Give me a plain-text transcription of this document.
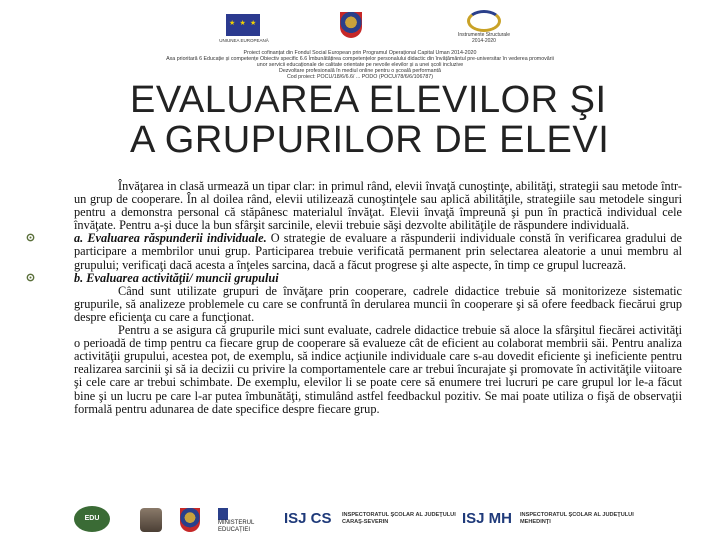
★ ★ ★
UNIUNEA EUROPEANĂ
Instrumente Structurale
2014-2020
Proiect cofinanțat din Fondul Social European prin Programul Operațional Capital Uman 2014-2020
Axa prioritară 6 Educație și competențe Obiectiv specific 6.6 Îmbunătățirea competențelor personalului didactic din învățământul pre-universitar în vederea promovării
unor servicii educaționale de calitate orientate pe nevoile elevilor și a unei școli incluzive
Dezvoltare profesională în mediul online pentru o școală performantă
Cod proiect: POCU/18/6/6.6/ ... PODO (POCU/78/6/6/106787)
EVALUAREA ELEVILOR ŞI
A GRUPURILOR DE ELEVI

Învăţarea in clasă urmează un tipar clar: in primul rând, elevii învaţă cunoştinţe, abilităţi, strategii sau metode într-un grup de cooperare. În al doilea rând, elevii utilizează cunoştinţele sau aplică abilităţile, strategiile sau metodele singuri pentru a demonstra personal că stăpânesc materialul învăţat. Elevii învaţă împreună şi pun în practică individual cele învăţate. Pentru a-şi duce la bun sfârşit sarcinile, elevii trebuie săşi dezvolte abilităţile de răspundere individuală.

a. Evaluarea răspunderii individuale. O strategie de evaluare a răspunderii individuale constă în verificarea gradului de participare a membrilor unui grup. Participarea trebuie verificată permanent prin selectarea aleatorie a unui membru al grupului; verificaţi dacă acesta a înţeles sarcina, dacă a făcut progrese şi alte aspecte, în timp ce grupul lucrează.

b. Evaluarea activităţii/ muncii grupului

Când sunt utilizate grupuri de învăţare prin cooperare, cadrele didactice trebuie să monitorizeze sistematic grupurile, să analizeze problemele cu care se confruntă în derularea muncii în cooperare şi să ofere feedback fiecărui grup despre eficienţa cu care a funcţionat.

Pentru a se asigura că grupurile mici sunt evaluate, cadrele didactice trebuie să aloce la sfârşitul fiecărei activităţi o perioadă de timp pentru ca fiecare grup de cooperare să evalueze cât de eficient au colaborat membrii săi. Pentru analiza activităţii grupului, acestea pot, de exemplu, să indice acţiunile individuale care s-au dovedit eficiente şi ineficiente pentru realizarea sarcinii şi să ia decizii cu privire la comportamentele care ar trebui încurajate şi promovate în activităţile viitoare şi cele care ar trebui schimbate. De exemplu, elevilor li se poate cere să enumere trei lucruri pe care grupul lor le-a făcut bine şi un lucru pe care l-ar putea îmbunătăţi, stimulând astfel feedbackul pozitiv. Se mai poate utiliza o fişă de observaţii formală pentru adunarea de date specifice despre fiecare grup.

EDU
MINISTERUL EDUCAȚIEI
ISJ CS INSPECTORATUL ŞCOLAR AL JUDEŢULUI CARAŞ-SEVERIN	ISJ MH INSPECTORATUL ŞCOLAR AL JUDEŢULUI MEHEDINŢI
